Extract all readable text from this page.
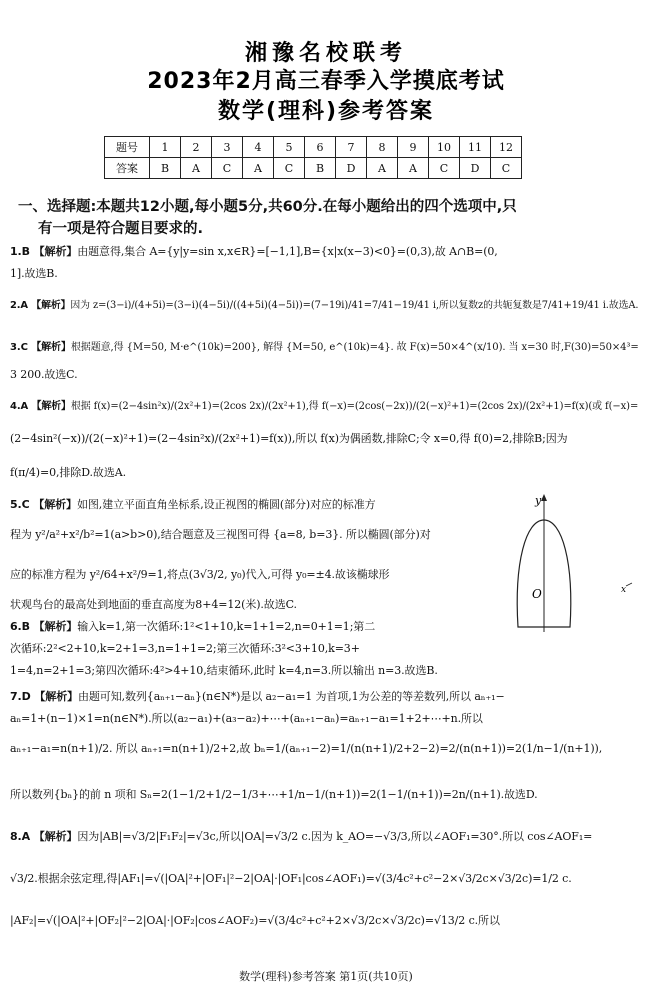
湘豫名校联考
2023年2月高三春季入学摸底考试
数学(理科)参考答案
题号	1	2	3	4	5	6	7	8	9	10	11	12
答案	B	A	C	A	C	B	D	A	A	C	D	C
一、选择题:本题共12小题,每小题5分,共60分.在每小题给出的四个选项中,只
有一项是符合题目要求的.
1.B 【解析】由题意得,集合 A={y|y=sin x,x∈R}=[−1,1],B={x|x(x−3)<0}=(0,3),故 A∩B=(0,
1].故选B.
2.A 【解析】因为 z=(3−i)/(4+5i)=(3−i)(4−5i)/((4+5i)(4−5i))=(7−19i)/41=7/41−19/41 i,所以复数z的共轭复数是7/41+19/41 i.故选A.
3.C 【解析】根据题意,得 {M=50, M·e^(10k)=200}, 解得 {M=50, e^(10k)=4}. 故 F(x)=50×4^(x/10). 当 x=30 时,F(30)=50×4³=
3 200.故选C.
4.A 【解析】根据 f(x)=(2−4sin²x)/(2x²+1)=(2cos 2x)/(2x²+1),得 f(−x)=(2cos(−2x))/(2(−x)²+1)=(2cos 2x)/(2x²+1)=f(x)(或 f(−x)=
(2−4sin²(−x))/(2(−x)²+1)=(2−4sin²x)/(2x²+1)=f(x)),所以 f(x)为偶函数,排除C;令 x=0,得 f(0)=2,排除B;因为
f(π/4)=0,排除D.故选A.
5.C 【解析】如图,建立平面直角坐标系,设正视图的椭圆(部分)对应的标准方
程为 y²/a²+x²/b²=1(a>b>0),结合题意及三视图可得 {a=8, b=3}. 所以椭圆(部分)对
应的标准方程为 y²/64+x²/9=1,将点(3√3/2, y₀)代入,可得 y₀=±4.故该椭球形
状观鸟台的最高处到地面的垂直高度为8+4=12(米).故选C.
y
O	x
6.B 【解析】输入k=1,第一次循环:1²<1+10,k=1+1=2,n=0+1=1;第二
次循环:2²<2+10,k=2+1=3,n=1+1=2;第三次循环:3²<3+10,k=3+
1=4,n=2+1=3;第四次循环:4²>4+10,结束循环,此时 k=4,n=3.所以输出 n=3.故选B.
7.D 【解析】由题可知,数列{aₙ₊₁−aₙ}(n∈N*)是以 a₂−a₁=1 为首项,1为公差的等差数列,所以 aₙ₊₁−
aₙ=1+(n−1)×1=n(n∈N*).所以(a₂−a₁)+(a₃−a₂)+⋯+(aₙ₊₁−aₙ)=aₙ₊₁−a₁=1+2+⋯+n.所以
aₙ₊₁−a₁=n(n+1)/2. 所以 aₙ₊₁=n(n+1)/2+2,故 bₙ=1/(aₙ₊₁−2)=1/(n(n+1)/2+2−2)=2/(n(n+1))=2(1/n−1/(n+1)),
所以数列{bₙ}的前 n 项和 Sₙ=2(1−1/2+1/2−1/3+⋯+1/n−1/(n+1))=2(1−1/(n+1))=2n/(n+1).故选D.
8.A 【解析】因为|AB|=√3/2|F₁F₂|=√3c,所以|OA|=√3/2 c.因为 k_AO=−√3/3,所以∠AOF₁=30°.所以 cos∠AOF₁=
√3/2.根据余弦定理,得|AF₁|=√(|OA|²+|OF₁|²−2|OA|·|OF₁|cos∠AOF₁)=√(3/4c²+c²−2×√3/2c×√3/2c)=1/2 c.
|AF₂|=√(|OA|²+|OF₂|²−2|OA|·|OF₂|cos∠AOF₂)=√(3/4c²+c²+2×√3/2c×√3/2c)=√13/2 c.所以
数学(理科)参考答案 第1页(共10页)
